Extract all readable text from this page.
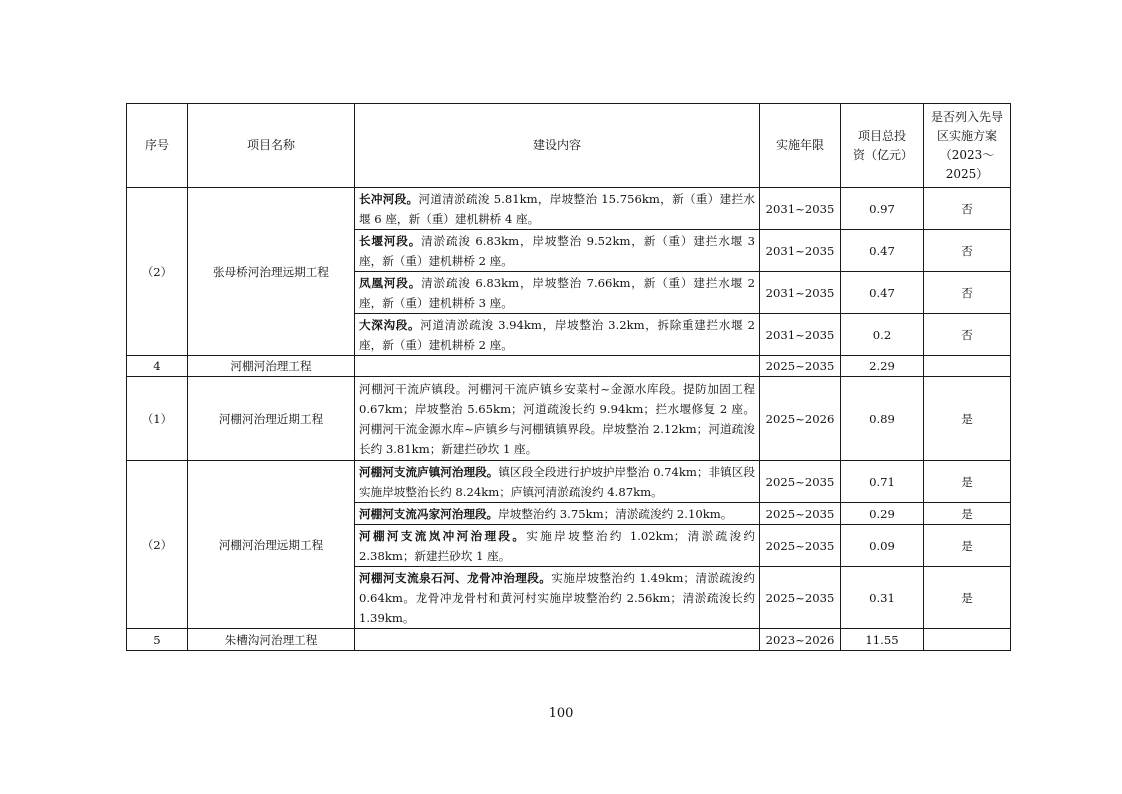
序号	项目名称	建设内容	实施年限	项目总投资（亿元）	是否列入先导区实施方案（2023～2025）
（2）	张母桥河治理远期工程	长冲河段。河道清淤疏浚 5.81km，岸坡整治 15.756km，新（重）建拦水堰 6 座，新（重）建机耕桥 4 座。	2031~2035	0.97	否
		长堰河段。清淤疏浚 6.83km，岸坡整治 9.52km，新（重）建拦水堰 3 座，新（重）建机耕桥 2 座。	2031~2035	0.47	否
		凤凰河段。清淤疏浚 6.83km，岸坡整治 7.66km，新（重）建拦水堰 2 座，新（重）建机耕桥 3 座。	2031~2035	0.47	否
		大深沟段。河道清淤疏浚 3.94km，岸坡整治 3.2km，拆除重建拦水堰 2 座，新（重）建机耕桥 2 座。	2031~2035	0.2	否
4	河棚河治理工程		2025~2035	2.29	
（1）	河棚河治理近期工程	河棚河干流庐镇段。河棚河干流庐镇乡安菜村~金源水库段。提防加固工程 0.67km；岸坡整治 5.65km；河道疏浚长约 9.94km；拦水堰修复 2 座。河棚河干流金源水库~庐镇乡与河棚镇镇界段。岸坡整治 2.12km；河道疏浚长约 3.81km；新建拦砂坎 1 座。	2025~2026	0.89	是
（2）	河棚河治理远期工程	河棚河支流庐镇河治理段。镇区段全段进行护坡护岸整治 0.74km；非镇区段实施岸坡整治长约 8.24km；庐镇河清淤疏浚约 4.87km。	2025~2035	0.71	是
		河棚河支流冯家河治理段。岸坡整治约 3.75km；清淤疏浚约 2.10km。	2025~2035	0.29	是
		河棚河支流岚冲河治理段。实施岸坡整治约 1.02km；清淤疏浚约 2.38km；新建拦砂坎 1 座。	2025~2035	0.09	是
		河棚河支流泉石河、龙骨冲治理段。实施岸坡整治约 1.49km；清淤疏浚约 0.64km。龙骨冲龙骨村和黄河村实施岸坡整治约 2.56km；清淤疏浚长约 1.39km。	2025~2035	0.31	是
5	朱槽沟河治理工程		2023~2026	11.55	
100
